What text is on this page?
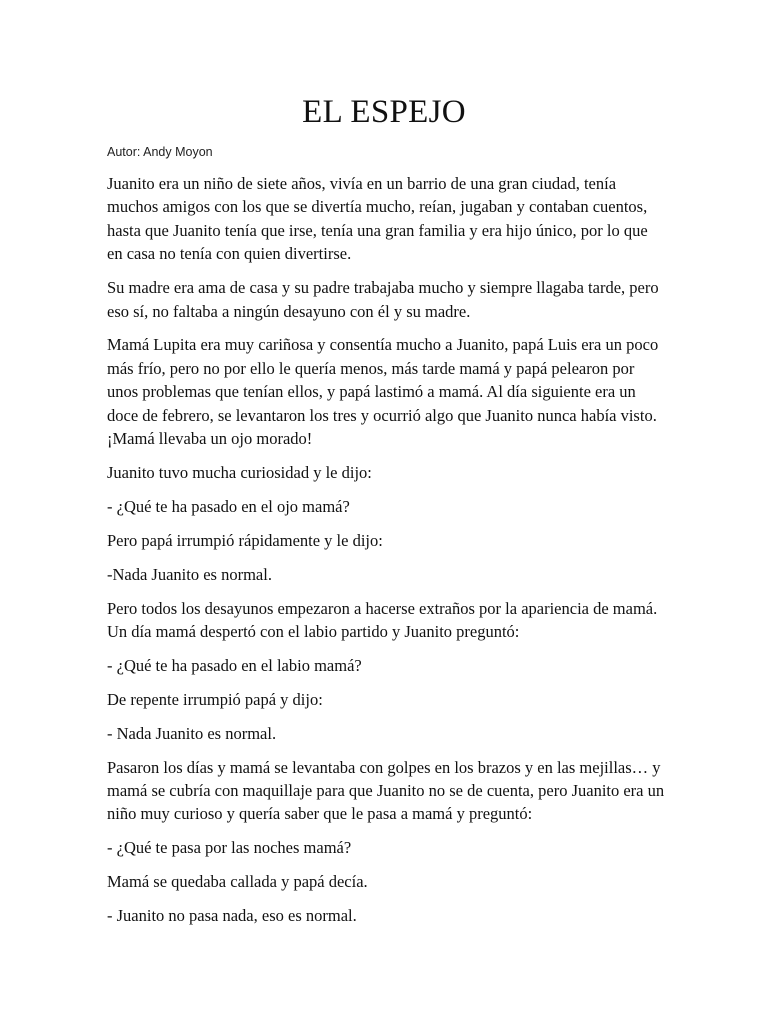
EL ESPEJO
Autor: Andy Moyon

Juanito era un niño de siete años, vivía en un barrio de una gran ciudad, tenía muchos amigos con los que se divertía mucho, reían, jugaban y contaban cuentos, hasta que Juanito tenía que irse, tenía una gran familia y era hijo único, por lo que en casa no tenía con quien divertirse.

Su madre era ama de casa y su padre trabajaba mucho y siempre llagaba tarde, pero eso sí, no faltaba a ningún desayuno con él y su madre.

Mamá Lupita era muy cariñosa y consentía mucho a Juanito, papá Luis era un poco más frío, pero no por ello le quería menos, más tarde mamá y papá pelearon por unos problemas que tenían ellos, y papá lastimó a mamá. Al día siguiente era un doce de febrero, se levantaron los tres y ocurrió algo que Juanito nunca había visto. ¡Mamá llevaba un ojo morado!

Juanito tuvo mucha curiosidad y le dijo:

- ¿Qué te ha pasado en el ojo mamá?

Pero papá irrumpió rápidamente y le dijo:

-Nada Juanito es normal.

Pero todos los desayunos empezaron a hacerse extraños por la apariencia de mamá. Un día mamá despertó con el labio partido y Juanito preguntó:

- ¿Qué te ha pasado en el labio mamá?

De repente irrumpió papá y dijo:

- Nada Juanito es normal.

Pasaron los días y mamá se levantaba con golpes en los brazos y en las mejillas… y mamá se cubría con maquillaje para que Juanito no se de cuenta, pero Juanito era un niño muy curioso y quería saber que le pasa a mamá y preguntó:

- ¿Qué te pasa por las noches mamá?

Mamá se quedaba callada y papá decía.

- Juanito no pasa nada, eso es normal.
